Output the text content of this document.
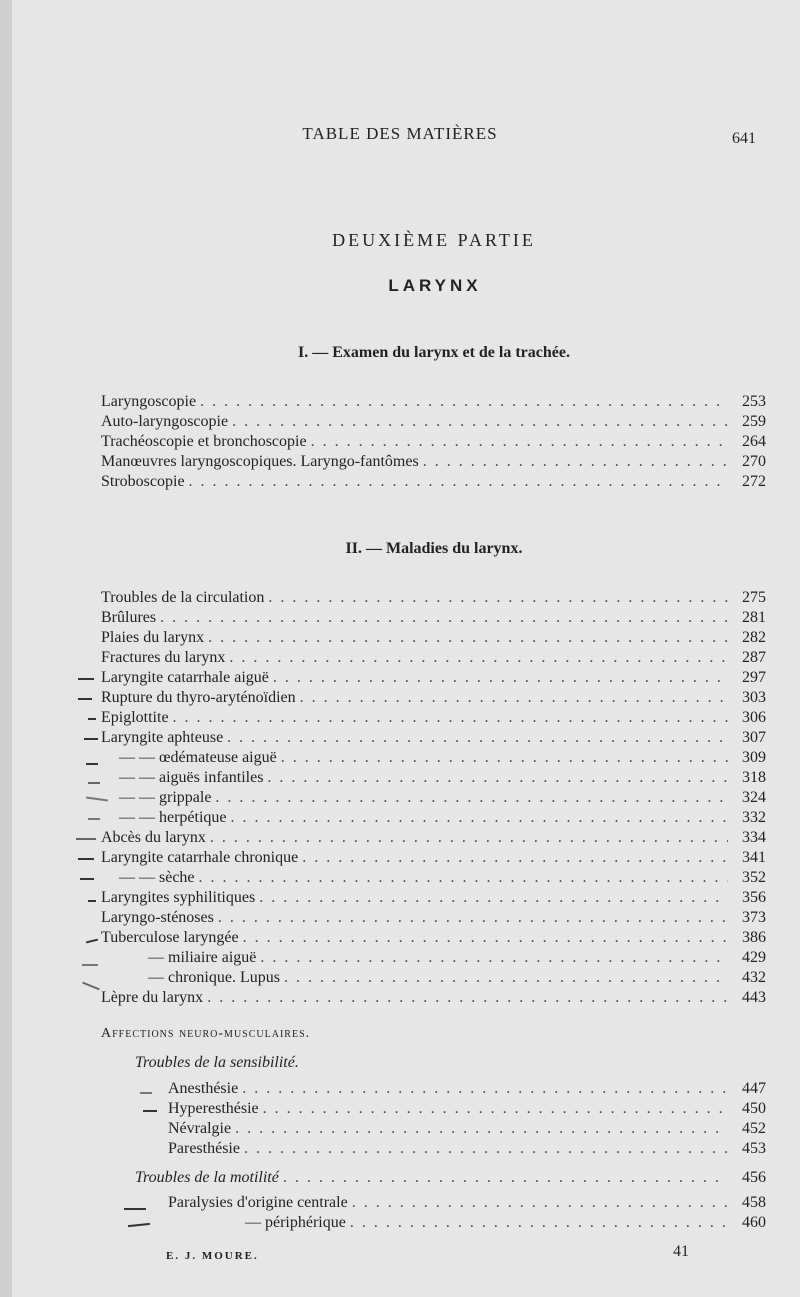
TABLE DES MATIÈRES	641
DEUXIÈME PARTIE
LARYNX
I. — Examen du larynx et de la trachée.
Laryngoscopie . . .	253
Auto-laryngoscopie . . .	259
Trachéoscopie et bronchoscopie . . .	264
Manœuvres laryngoscopiques. Laryngo-fantômes . . .	270
Stroboscopie . . .	272
II. — Maladies du larynx.
Troubles de la circulation . . .	275
Brûlures . . .	281
Plaies du larynx . . .	282
Fractures du larynx . . .	287
Laryngite catarrhale aiguë . . .	297
Rupture du thyro-aryténoïdien . . .	303
Epiglottite . . .	306
Laryngite aphteuse . . .	307
— — œdémateuse aiguë . . .	309
— — aiguës infantiles . . .	318
— — grippale . . .	324
— — herpétique . . .	332
Abcès du larynx . . .	334
Laryngite catarrhale chronique . . .	341
— — sèche . . .	352
Laryngites syphilitiques . . .	356
Laryngo-sténoses . . .	373
Tuberculose laryngée . . .	386
— miliaire aiguë . . .	429
— chronique. Lupus . . .	432
Lèpre du larynx . . .	443
Affections neuro-musculaires.
Troubles de la sensibilité.
Anesthésie . . .	447
Hyperesthésie . . .	450
Névralgie . . .	452
Paresthésie . . .	453
Troubles de la motilité . . .	456
Paralysies d'origine centrale . . .	458
— périphérique . . .	460
E. J. MOURE.	41
